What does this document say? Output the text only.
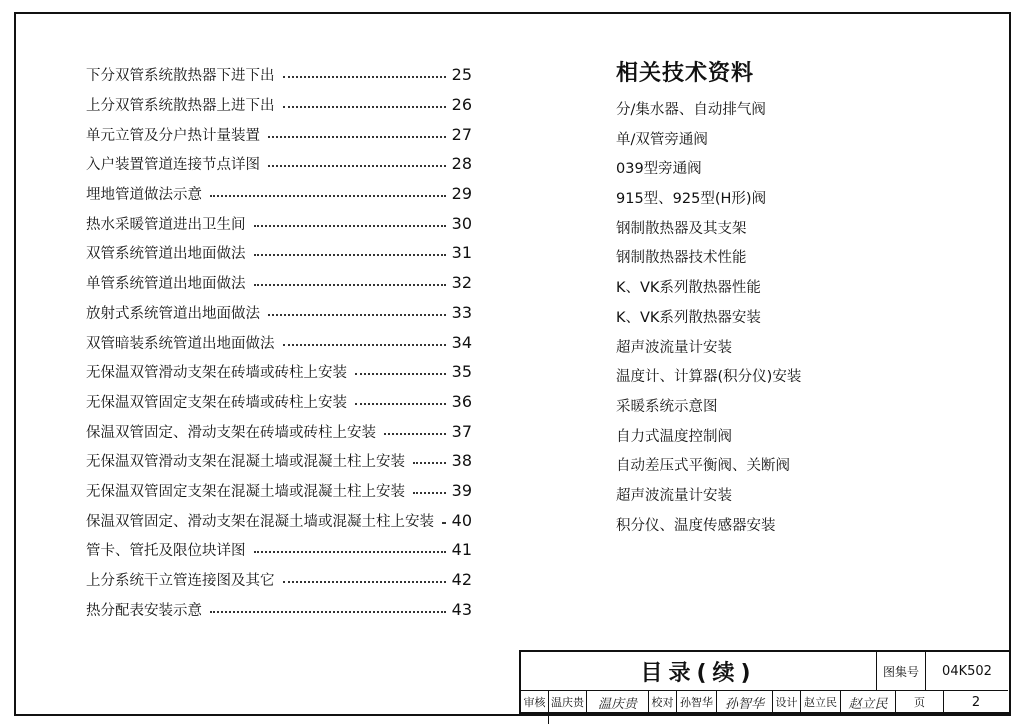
下分双管系统散热器下进下出	25
上分双管系统散热器上进下出	26
单元立管及分户热计量装置	27
入户装置管道连接节点详图	28
埋地管道做法示意	29
热水采暖管道进出卫生间	30
双管系统管道出地面做法	31
单管系统管道出地面做法	32
放射式系统管道出地面做法	33
双管暗装系统管道出地面做法	34
无保温双管滑动支架在砖墙或砖柱上安装	35
无保温双管固定支架在砖墙或砖柱上安装	36
保温双管固定、滑动支架在砖墙或砖柱上安装	37
无保温双管滑动支架在混凝土墙或混凝土柱上安装	38
无保温双管固定支架在混凝土墙或混凝土柱上安装	39
保温双管固定、滑动支架在混凝土墙或混凝土柱上安装 40
管卡、管托及限位块详图	41
上分系统干立管连接图及其它	42
热分配表安装示意	43
相关技术资料
分/集水器、自动排气阀
单/双管旁通阀
039型旁通阀
915型、925型(H形)阀
钢制散热器及其支架
钢制散热器技术性能
K、VK系列散热器性能
K、VK系列散热器安装
超声波流量计安装
温度计、计算器(积分仪)安装
采暖系统示意图
自力式温度控制阀
自动差压式平衡阀、关断阀
超声波流量计安装
积分仪、温度传感器安装
目录(续)	图集号	04K502
审核 温庆贵	温庆贵	校对 孙智华 孙智华	设计 赵立民 赵立民	页	2
